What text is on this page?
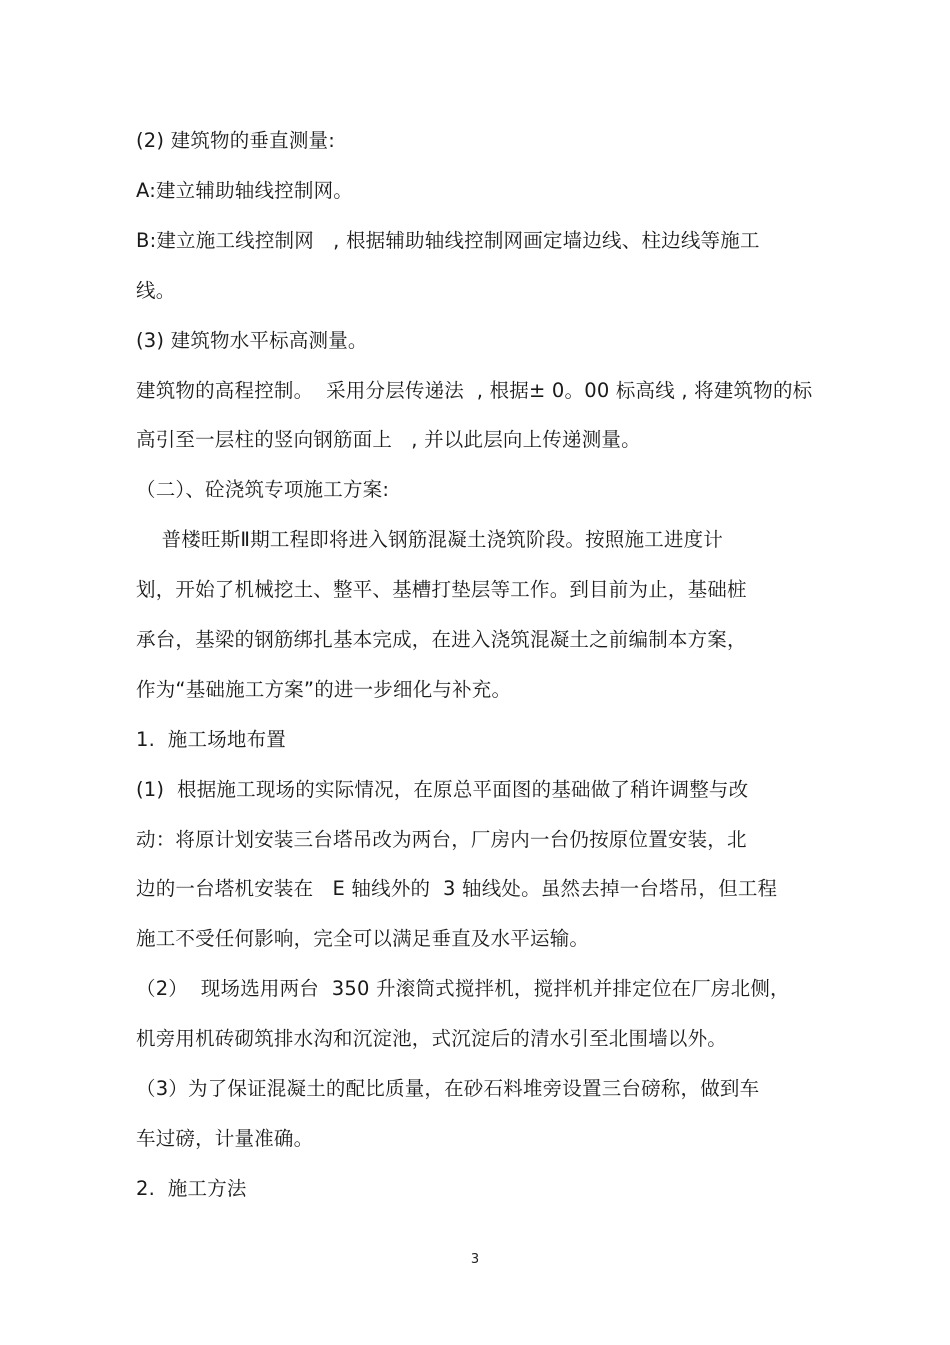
(2) 建筑物的垂直测量:
A:建立辅助轴线控制网。
B:建立施工线控制网   , 根据辅助轴线控制网画定墙边线、柱边线等施工
线。
(3) 建筑物水平标高测量。
建筑物的高程控制。  采用分层传递法  , 根据± 0。00 标高线 , 将建筑物的标
高引至一层柱的竖向钢筋面上   , 并以此层向上传递测量。
（二）、砼浇筑专项施工方案:
普楼旺斯Ⅱ期工程即将进入钢筋混凝土浇筑阶段。按照施工进度计
划，开始了机械挖土、整平、基槽打垫层等工作。到目前为止，基础桩
承台，基梁的钢筋绑扎基本完成，在进入浇筑混凝土之前编制本方案，
作为“基础施工方案”的进一步细化与补充。
1.  施工场地布置
(1)  根据施工现场的实际情况，在原总平面图的基础做了稍许调整与改
动：将原计划安装三台塔吊改为两台，厂房内一台仍按原位置安装，北
边的一台塔机安装在   E 轴线外的  3 轴线处。虽然去掉一台塔吊，但工程
施工不受任何影响，完全可以满足垂直及水平运输。
（2）  现场选用两台  350 升滚筒式搅拌机，搅拌机并排定位在厂房北侧，
机旁用机砖砌筑排水沟和沉淀池，式沉淀后的清水引至北围墙以外。
（3）为了保证混凝土的配比质量，在砂石料堆旁设置三台磅称，做到车
车过磅，计量准确。
2.  施工方法
3
